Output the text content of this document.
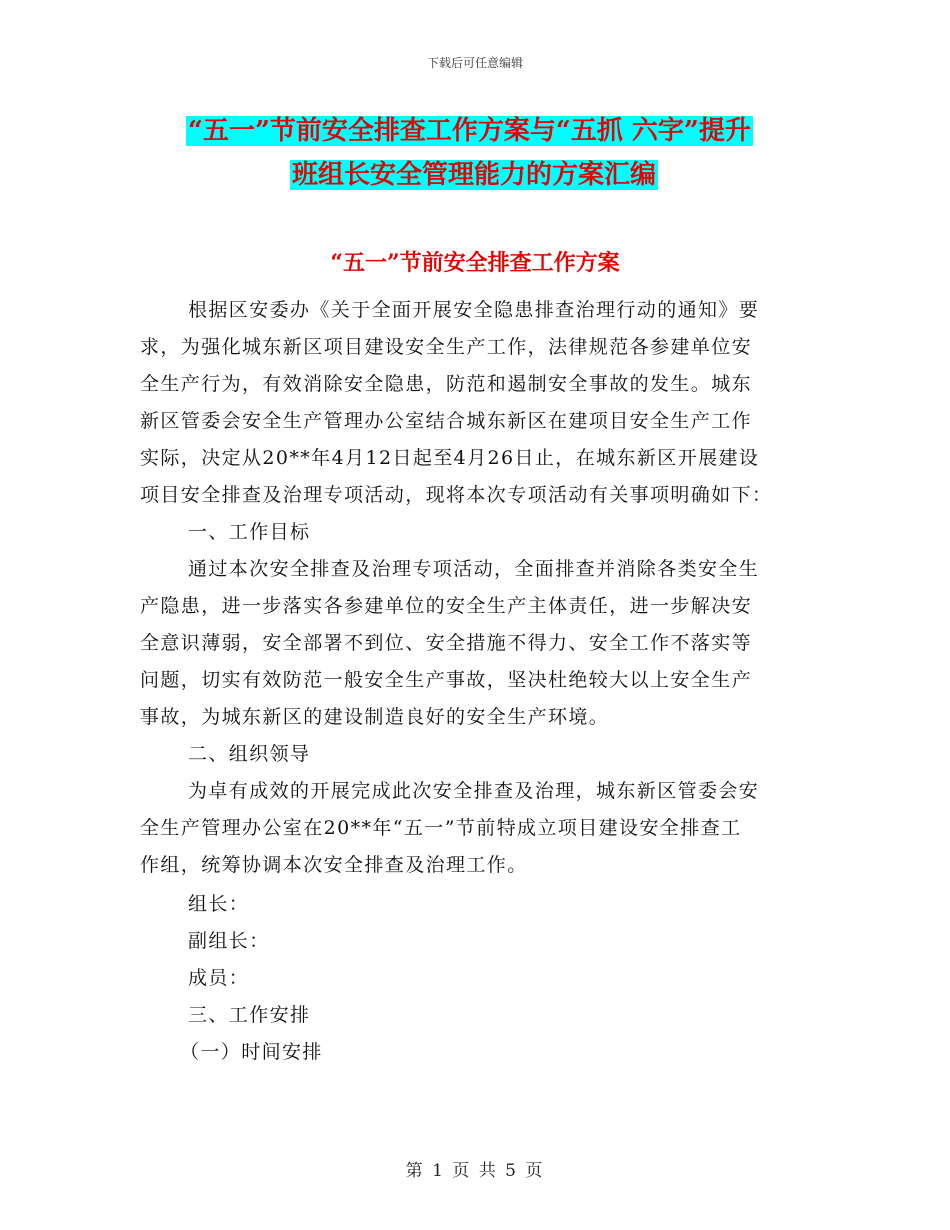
下载后可任意编辑
“五一”节前安全排查工作方案与“五抓 六字”提升
班组长安全管理能力的方案汇编
“五一”节前安全排查工作方案
根据区安委办《关于全面开展安全隐患排查治理行动的通知》要
求，为强化城东新区项目建设安全生产工作，法律规范各参建单位安
全生产行为，有效消除安全隐患，防范和遏制安全事故的发生。城东
新区管委会安全生产管理办公室结合城东新区在建项目安全生产工作
实际，决定从20**年4月12日起至4月26日止，在城东新区开展建设
项目安全排查及治理专项活动，现将本次专项活动有关事项明确如下：
一、工作目标
通过本次安全排查及治理专项活动，全面排查并消除各类安全生
产隐患，进一步落实各参建单位的安全生产主体责任，进一步解决安
全意识薄弱，安全部署不到位、安全措施不得力、安全工作不落实等
问题，切实有效防范一般安全生产事故，坚决杜绝较大以上安全生产
事故，为城东新区的建设制造良好的安全生产环境。
二、组织领导
为卓有成效的开展完成此次安全排查及治理，城东新区管委会安
全生产管理办公室在20**年“五一”节前特成立项目建设安全排查工
作组，统筹协调本次安全排查及治理工作。
组长：
副组长：
成员：
三、工作安排
（一）时间安排
第 1 页 共 5 页
